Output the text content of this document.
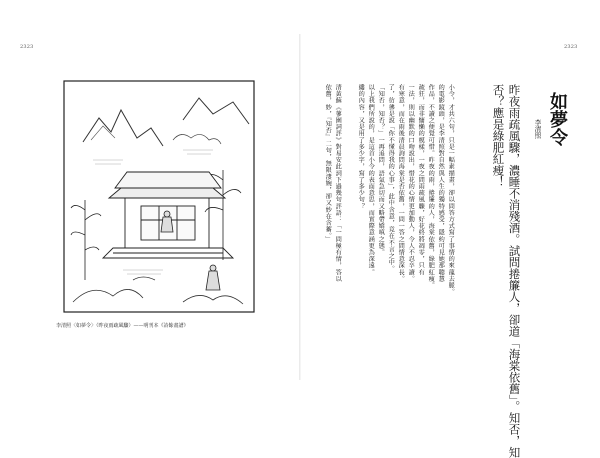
2323
李清照〈如夢令〉（昨夜雨疏風驟）——明刊本《詩餘畫譜》
2323
如夢令
李清照
昨夜雨疏風驟，濃睡不消殘酒。試問捲簾人，卻道「海棠依舊」。知否，知
否？應是綠肥紅瘦！
小令，才共六句，只是一幅素描畫，卻以問答方式寫了事情的來龍去脈。
的電影鏡頭，是李清照對自然與人生的獨特感受，隱約可見她那聰慧
作品，不讀之便覺可惜。昨夜的雨，捲簾的人，海棠依舊，綠肥紅瘦。
疏狂，而非慵懶的模樣，一夜之間雨疏風驟，好花終將凋零，只有
一法，則以幽默的口吻說出，惜花的心情更加動人，令人不忍卒讀。
有寒意，而在雨後清晨詢問海棠是否依舊，一問一答之間情意深長。
了，彷彿是說「你不懂得我的心事」，此中含意，竟在不言之中。
「知否，知否？」一再追問，語氣急切而又略帶嬌嗔之態。
以上我們所說的，是這首小令的表面意思，而實際意涵更為深遠。
縷的內容，又是用了多少字，寫了多少句？
清黃蘇《蓼園詞評》對易安此詞下過幾句評語：「一問極有情，答以
依舊，妙，『知否』二句，無限淒婉，卻又妙在含蓄。」
